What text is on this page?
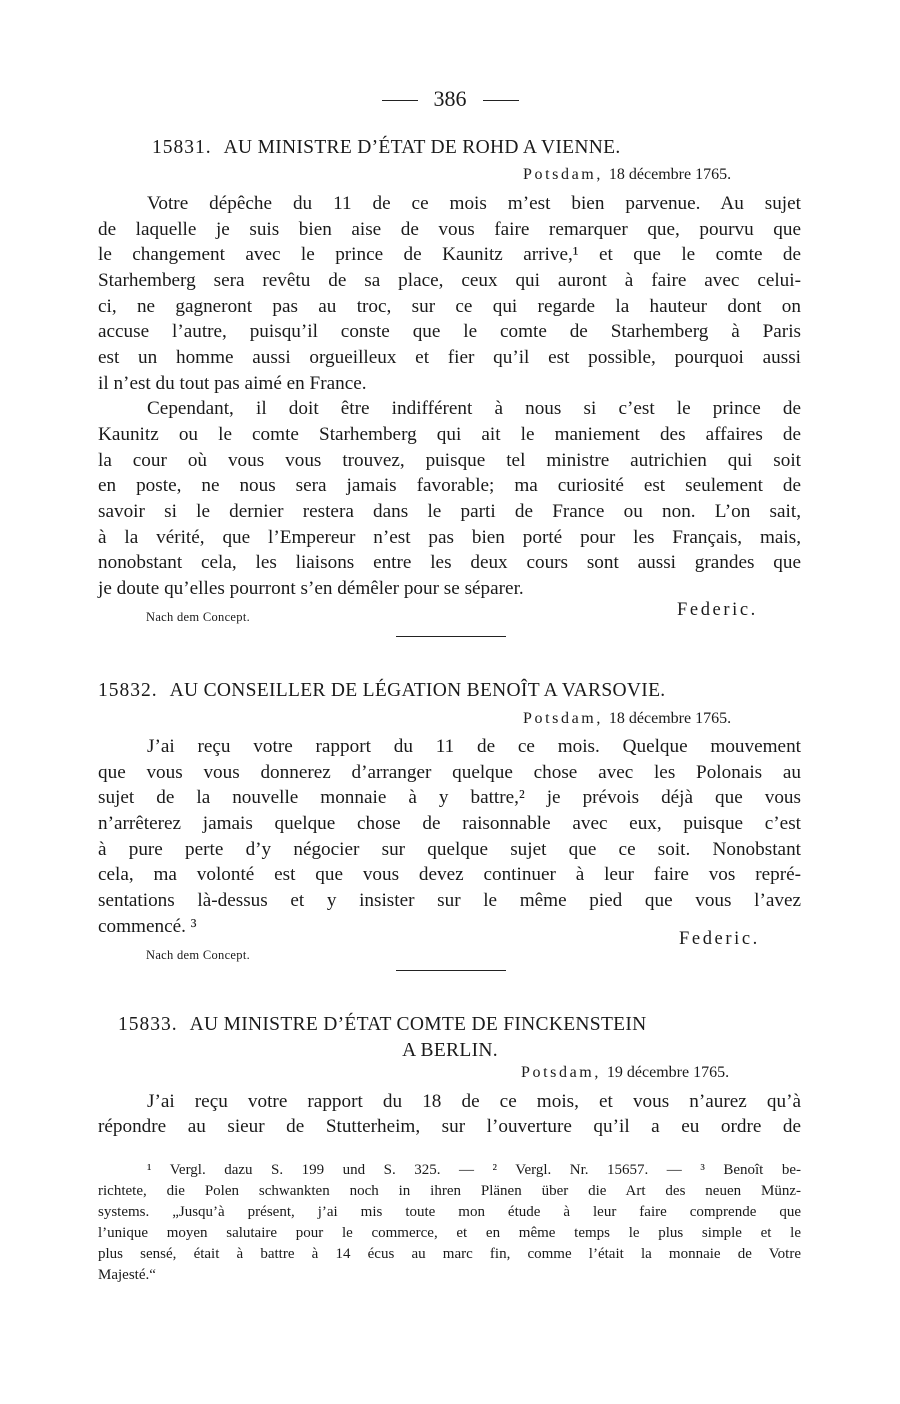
386
15831. AU MINISTRE D’ÉTAT DE ROHD A VIENNE.
Potsdam, 18 décembre 1765.
Votre dépêche du 11 de ce mois m’est bien parvenue. Au sujet
de laquelle je suis bien aise de vous faire remarquer que, pourvu que
le changement avec le prince de Kaunitz arrive,¹ et que le comte de
Starhemberg sera revêtu de sa place, ceux qui auront à faire avec celui-
ci, ne gagneront pas au troc, sur ce qui regarde la hauteur dont on
accuse l’autre, puisqu’il conste que le comte de Starhemberg à Paris
est un homme aussi orgueilleux et fier qu’il est possible, pourquoi aussi
il n’est du tout pas aimé en France.
Cependant, il doit être indifférent à nous si c’est le prince de
Kaunitz ou le comte Starhemberg qui ait le maniement des affaires de
la cour où vous vous trouvez, puisque tel ministre autrichien qui soit
en poste, ne nous sera jamais favorable; ma curiosité est seulement de
savoir si le dernier restera dans le parti de France ou non. L’on sait,
à la vérité, que l’Empereur n’est pas bien porté pour les Français, mais,
nonobstant cela, les liaisons entre les deux cours sont aussi grandes que
je doute qu’elles pourront s’en démêler pour se séparer.
Federic.
Nach dem Concept.
15832. AU CONSEILLER DE LÉGATION BENOÎT A VARSOVIE.
Potsdam, 18 décembre 1765.
J’ai reçu votre rapport du 11 de ce mois. Quelque mouvement
que vous vous donnerez d’arranger quelque chose avec les Polonais au
sujet de la nouvelle monnaie à y battre,² je prévois déjà que vous
n’arrêterez jamais quelque chose de raisonnable avec eux, puisque c’est
à pure perte d’y négocier sur quelque sujet que ce soit. Nonobstant
cela, ma volonté est que vous devez continuer à leur faire vos repré-
sentations là-dessus et y insister sur le même pied que vous l’avez
commencé. ³
Federic.
Nach dem Concept.
15833. AU MINISTRE D’ÉTAT COMTE DE FINCKENSTEIN
A BERLIN.
Potsdam, 19 décembre 1765.
J’ai reçu votre rapport du 18 de ce mois, et vous n’aurez qu’à
répondre au sieur de Stutterheim, sur l’ouverture qu’il a eu ordre de
¹ Vergl. dazu S. 199 und S. 325. — ² Vergl. Nr. 15657. — ³ Benoît be-
richtete, die Polen schwankten noch in ihren Plänen über die Art des neuen Münz-
systems. „Jusqu’à présent, j’ai mis toute mon étude à leur faire comprende que
l’unique moyen salutaire pour le commerce, et en même temps le plus simple et le
plus sensé, était à battre à 14 écus au marc fin, comme l’était la monnaie de Votre
Majesté.“
